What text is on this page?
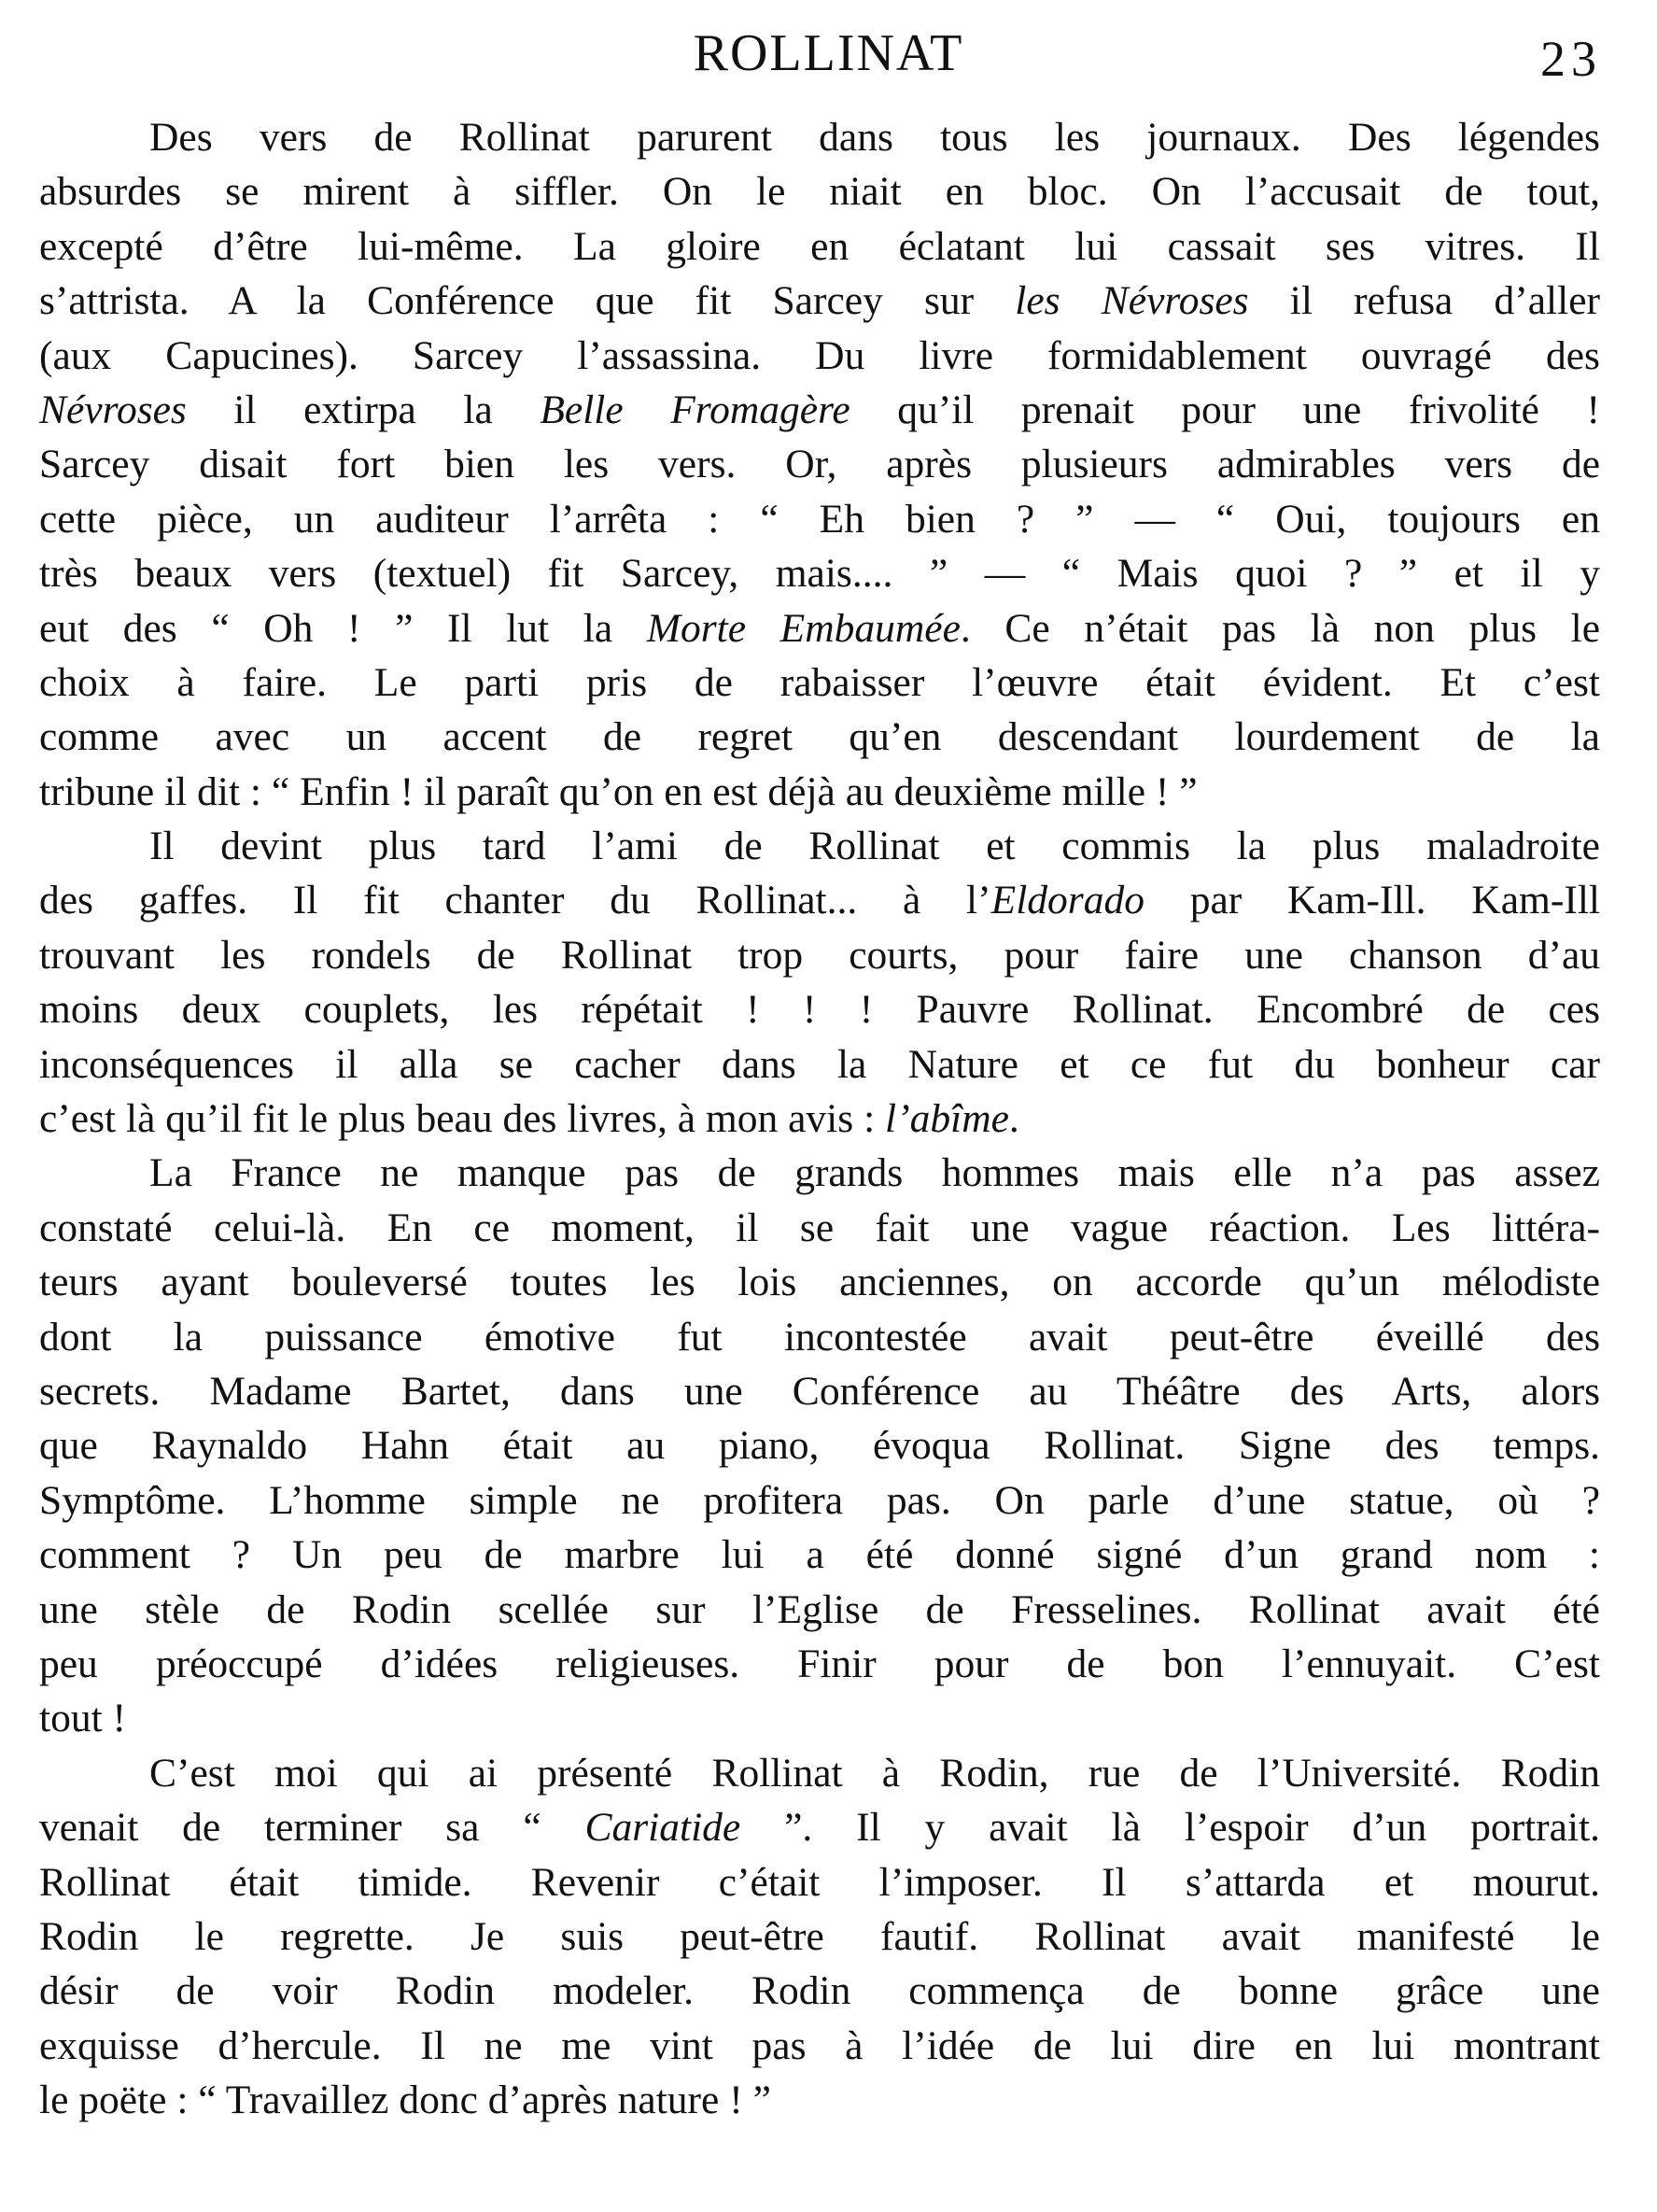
ROLLINAT	23
Des vers de Rollinat parurent dans tous les journaux. Des légendes
absurdes se mirent à siffler. On le niait en bloc. On l’accusait de tout,
excepté d’être lui-même. La gloire en éclatant lui cassait ses vitres. Il
s’attrista. A la Conférence que fit Sarcey sur les Névroses il refusa d’aller
(aux Capucines). Sarcey l’assassina. Du livre formidablement ouvragé des
Névroses il extirpa la Belle Fromagère qu’il prenait pour une frivolité !
Sarcey disait fort bien les vers. Or, après plusieurs admirables vers de
cette pièce, un auditeur l’arrêta : “ Eh bien ? ” — “ Oui, toujours en
très beaux vers (textuel) fit Sarcey, mais.... ” — “ Mais quoi ? ” et il y
eut des “ Oh ! ” Il lut la Morte Embaumée. Ce n’était pas là non plus le
choix à faire. Le parti pris de rabaisser l’œuvre était évident. Et c’est
comme avec un accent de regret qu’en descendant lourdement de la
tribune il dit : “ Enfin ! il paraît qu’on en est déjà au deuxième mille ! ”
Il devint plus tard l’ami de Rollinat et commis la plus maladroite
des gaffes. Il fit chanter du Rollinat... à l’Eldorado par Kam-Ill. Kam-Ill
trouvant les rondels de Rollinat trop courts, pour faire une chanson d’au
moins deux couplets, les répétait ! ! ! Pauvre Rollinat. Encombré de ces
inconséquences il alla se cacher dans la Nature et ce fut du bonheur car
c’est là qu’il fit le plus beau des livres, à mon avis : l’abîme.
La France ne manque pas de grands hommes mais elle n’a pas assez
constaté celui-là. En ce moment, il se fait une vague réaction. Les littéra-
teurs ayant bouleversé toutes les lois anciennes, on accorde qu’un mélodiste
dont la puissance émotive fut incontestée avait peut-être éveillé des
secrets. Madame Bartet, dans une Conférence au Théâtre des Arts, alors
que Raynaldo Hahn était au piano, évoqua Rollinat. Signe des temps.
Symptôme. L’homme simple ne profitera pas. On parle d’une statue, où ?
comment ? Un peu de marbre lui a été donné signé d’un grand nom :
une stèle de Rodin scellée sur l’Eglise de Fresselines. Rollinat avait été
peu préoccupé d’idées religieuses. Finir pour de bon l’ennuyait. C’est
tout !
C’est moi qui ai présenté Rollinat à Rodin, rue de l’Université. Rodin
venait de terminer sa “ Cariatide ”. Il y avait là l’espoir d’un portrait.
Rollinat était timide. Revenir c’était l’imposer. Il s’attarda et mourut.
Rodin le regrette. Je suis peut-être fautif. Rollinat avait manifesté le
désir de voir Rodin modeler. Rodin commença de bonne grâce une
exquisse d’hercule. Il ne me vint pas à l’idée de lui dire en lui montrant
le poëte : “ Travaillez donc d’après nature ! ”
